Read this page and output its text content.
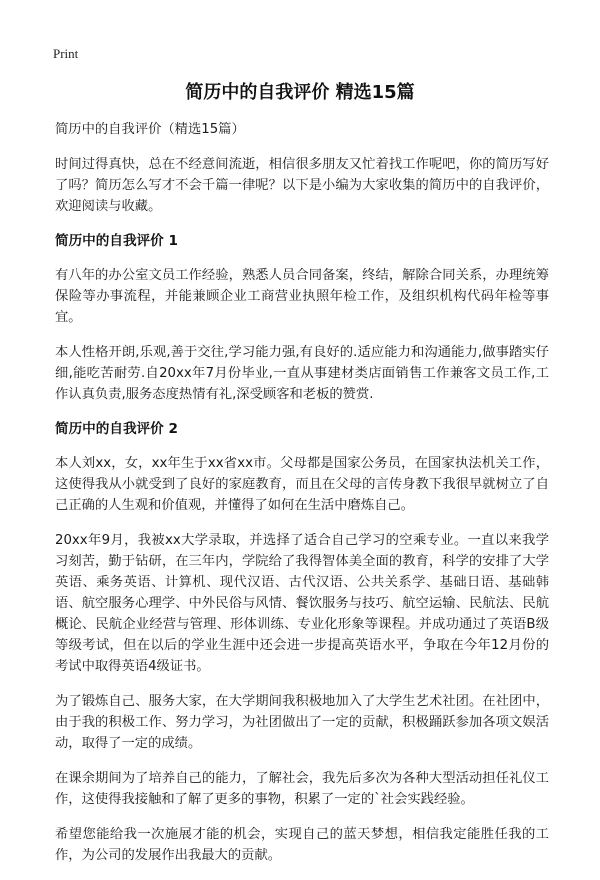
Print
简历中的自我评价 精选15篇

简历中的自我评价（精选15篇）

时间过得真快，总在不经意间流逝，相信很多朋友又忙着找工作呢吧，你的简历写好了吗？简历怎么写才不会千篇一律呢？以下是小编为大家收集的简历中的自我评价，欢迎阅读与收藏。

简历中的自我评价 1

有八年的办公室文员工作经验，熟悉人员合同备案，终结，解除合同关系，办理统筹保险等办事流程，并能兼顾企业工商营业执照年检工作，及组织机构代码年检等事宜。

本人性格开朗,乐观,善于交往,学习能力强,有良好的.适应能力和沟通能力,做事踏实仔细,能吃苦耐劳.自20xx年7月份毕业,一直从事建材类店面销售工作兼客文员工作,工作认真负责,服务态度热情有礼,深受顾客和老板的赞赏.

简历中的自我评价 2

本人刘xx，女，xx年生于xx省xx市。父母都是国家公务员，在国家执法机关工作，这使得我从小就受到了良好的家庭教育，而且在父母的言传身教下我很早就树立了自己正确的人生观和价值观，并懂得了如何在生活中磨炼自己。

20xx年9月，我被xx大学录取，并选择了适合自己学习的空乘专业。一直以来我学习刻苦，勤于钻研，在三年内，学院给了我得智体美全面的教育，科学的安排了大学英语、乘务英语、计算机、现代汉语、古代汉语、公共关系学、基础日语、基础韩语、航空服务心理学、中外民俗与风情、餐饮服务与技巧、航空运输、民航法、民航概论、民航企业经营与管理、形体训练、专业化形象等课程。并成功通过了英语B级等级考试，但在以后的学业生涯中还会进一步提高英语水平，争取在今年12月份的考试中取得英语4级证书。

为了锻炼自己、服务大家，在大学期间我积极地加入了大学生艺术社团。在社团中，由于我的积极工作、努力学习，为社团做出了一定的贡献，积极踊跃参加各项文娱活动，取得了一定的成绩。

在课余期间为了培养自己的能力，了解社会，我先后多次为各种大型活动担任礼仪工作，这使得我接触和了解了更多的事物，积累了一定的`社会实践经验。

希望您能给我一次施展才能的机会，实现自己的蓝天梦想，相信我定能胜任我的工作，为公司的发展作出我最大的贡献。
